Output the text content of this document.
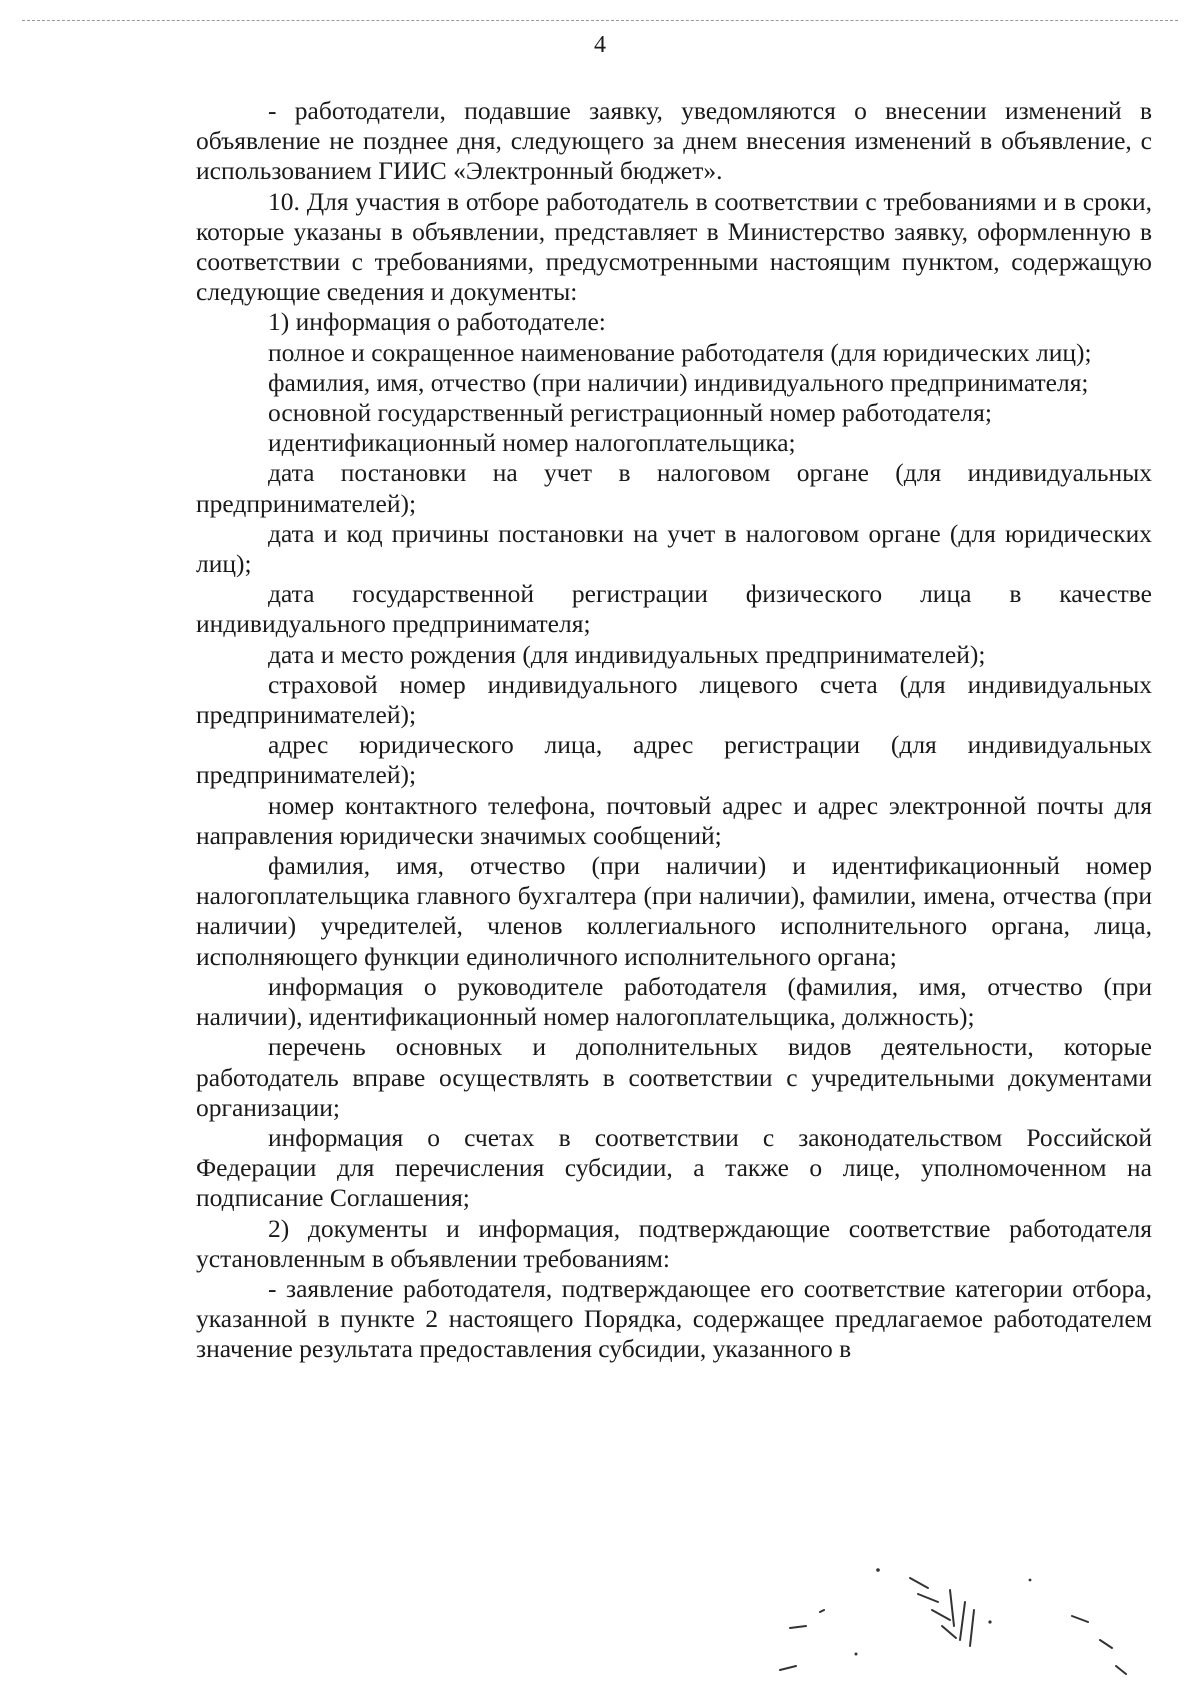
4

- работодатели, подавшие заявку, уведомляются о внесении изменений в объявление не позднее дня, следующего за днем внесения изменений в объявление, с использованием ГИИС «Электронный бюджет».

10. Для участия в отборе работодатель в соответствии с требованиями и в сроки, которые указаны в объявлении, представляет в Министерство заявку, оформленную в соответствии с требованиями, предусмотренными настоящим пунктом, содержащую следующие сведения и документы:

1) информация о работодателе:

полное и сокращенное наименование работодателя (для юридических лиц);

фамилия, имя, отчество (при наличии) индивидуального предпринимателя;

основной государственный регистрационный номер работодателя;

идентификационный номер налогоплательщика;

дата постановки на учет в налоговом органе (для индивидуальных предпринимателей);

дата и код причины постановки на учет в налоговом органе (для юридических лиц);

дата государственной регистрации физического лица в качестве индивидуального предпринимателя;

дата и место рождения (для индивидуальных предпринимателей);

страховой номер индивидуального лицевого счета (для индивидуальных предпринимателей);

адрес юридического лица, адрес регистрации (для индивидуальных предпринимателей);

номер контактного телефона, почтовый адрес и адрес электронной почты для направления юридически значимых сообщений;

фамилия, имя, отчество (при наличии) и идентификационный номер налогоплательщика главного бухгалтера (при наличии), фамилии, имена, отчества (при наличии) учредителей, членов коллегиального исполнительного органа, лица, исполняющего функции единоличного исполнительного органа;

информация о руководителе работодателя (фамилия, имя, отчество (при наличии), идентификационный номер налогоплательщика, должность);

перечень основных и дополнительных видов деятельности, которые работодатель вправе осуществлять в соответствии с учредительными документами организации;

информация о счетах в соответствии с законодательством Российской Федерации для перечисления субсидии, а также о лице, уполномоченном на подписание Соглашения;

2) документы и информация, подтверждающие соответствие работодателя установленным в объявлении требованиям:

- заявление работодателя, подтверждающее его соответствие категории отбора, указанной в пункте 2 настоящего Порядка, содержащее предлагаемое работодателем значение результата предоставления субсидии, указанного в
